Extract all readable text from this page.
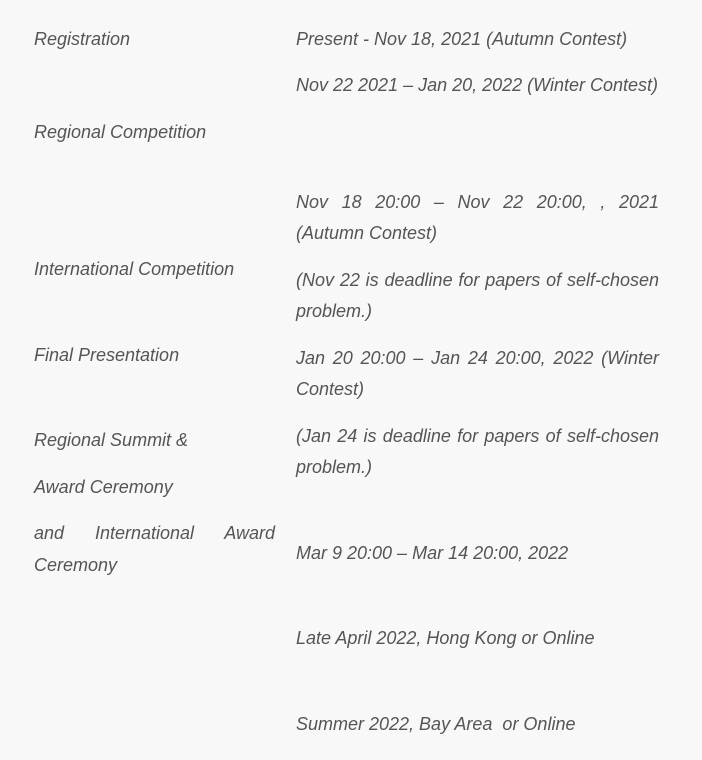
Registration
Regional Competition
International Competition
Final Presentation
Regional Summit &
Award Ceremony
and International Award
Ceremony
Present - Nov 18, 2021 (Autumn Contest)
Nov 22 2021 – Jan 20, 2022 (Winter Contest)
Nov 18 20:00 – Nov 22 20:00, , 2021 (Autumn Contest)
(Nov 22 is deadline for papers of self-chosen problem.)
Jan 20 20:00 – Jan 24 20:00, 2022 (Winter Contest)
(Jan 24 is deadline for papers of self-chosen problem.)
Mar 9 20:00 – Mar 14 20:00, 2022
Late April 2022, Hong Kong or Online
Summer 2022, Bay Area  or Online
